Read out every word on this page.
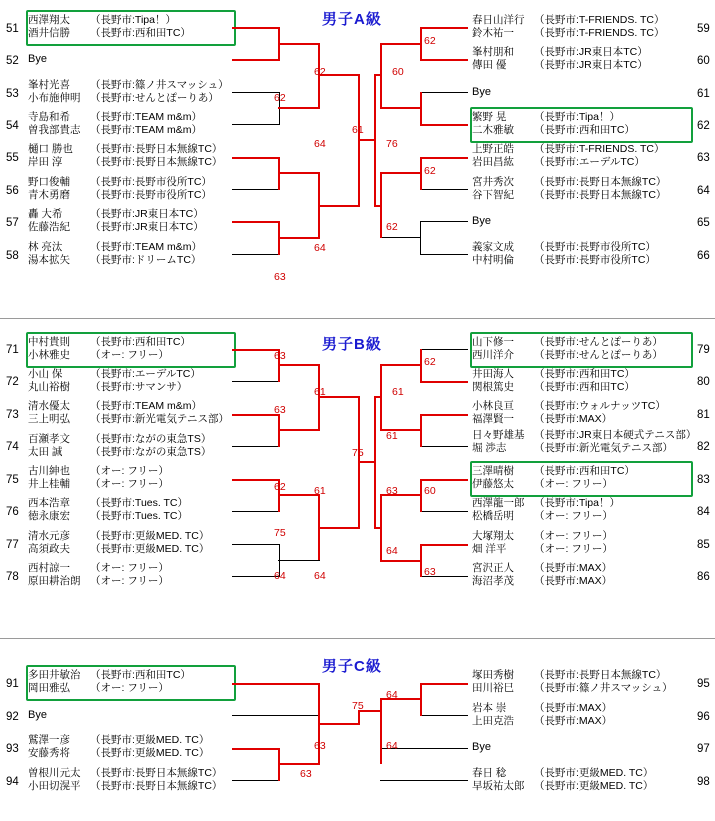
男子A級
51
西澤翔太 （長野市:Tipa！）
酒井信勝 （長野市:西和田TC）
52 Bye
53
峯村光喜 （長野市:篠ノ井スマッシュ）
小布施伸明 （長野市:せんとぽーりあ）
54
寺島和希 （長野市:TEAM m&m）
曽我部貴志 （長野市:TEAM m&m）
55
樋口 勝也 （長野市:長野日本無線TC）
岸田 淳	（長野市:長野日本無線TC）
56
野口俊輔 （長野市:長野市役所TC）
青木勇磨 （長野市:長野市役所TC）
57
轟 大希	（長野市:JR東日本TC）
佐藤浩紀 （長野市:JR東日本TC）
58
林 亮汰	（長野市:TEAM m&m）
湯本拡矢 （長野市:ドリームTC）
59
春日山洋行 （長野市:T-FRIENDS. TC）
鈴木祐一 （長野市:T-FRIENDS. TC）
60
峯村朋和 （長野市:JR東日本TC）
傳田 優	（長野市:JR東日本TC）
61
Bye
62
繁野 晃	（長野市:Tipa！）
二木雅敏 （長野市:西和田TC）
63
上野正皓 （長野市:T-FRIENDS. TC）
岩田昌紘 （長野市:エーデルTC）
64
宮井秀次 （長野市:長野日本無線TC）
谷下智紀 （長野市:長野日本無線TC）
65
Bye
66
義家文成 （長野市:長野市役所TC）
中村明倫 （長野市:長野市役所TC）
62
62
64
63
64
61
60
76
62
62
62
男子B級
71
中村貴則 （長野市:西和田TC）
小林雅史 （オー: フリー）
72
小山 保	（長野市:エーデルTC）
丸山裕樹 （長野市:サマンサ）
73
清水優太 （長野市:TEAM m&m）
三上明弘 （長野市:新光電気テニス部）
74
百瀬孝文 （長野市:ながの東急TS）
太田 誠	（長野市:ながの東急TS）
75
古川紳也 （オー: フリー）
井上桂輔 （オー: フリー）
76
西本浩章 （長野市:Tues. TC）
徳永康宏 （長野市:Tues. TC）
77
清水元彦 （長野市:更級MED. TC）
高須政夫 （長野市:更級MED. TC）
78
西村諒一 （オー: フリー）
原田耕治朗 （オー: フリー）
79
山下修一 （長野市:せんとぽーりあ）
西川洋介 （長野市:せんとぽーりあ）
80
井田海人 （長野市:西和田TC）
関根篤史 （長野市:西和田TC）
81
小林良亘 （長野市:ウォルナッツTC）
福澤賢一 （長野市:MAX）
82
日々野雄基 （長野市:JR東日本硬式テニス部）
堀 渉志	（長野市:新光電気テニス部）
83
三澤晴樹 （長野市:西和田TC）
伊藤悠太 （オー: フリー）
84
西澤龍一郎 （長野市:Tipa！）
松橋岳明 （オー: フリー）
85
大塚翔太 （オー: フリー）
畑 洋平	（オー: フリー）
86
宮沢正人 （長野市:MAX）
海沼孝茂 （長野市:MAX）
63
63
62
64
61
61
75
75
61
62
61
63
64
60
63
64
男子C級
91
多田井敏治 （長野市:西和田TC）
岡田雅弘 （オー: フリー）
92 Bye
93
鷲澤一彦 （長野市:更級MED. TC）
安藤秀将 （長野市:更級MED. TC）
94
曽根川元太 （長野市:長野日本無線TC）
小田切滉平 （長野市:長野日本無線TC）
95
塚田秀樹 （長野市:長野日本無線TC）
田川裕巳 （長野市:篠ノ井スマッシュ）
96
岩本 崇	（長野市:MAX）
上田克浩 （長野市:MAX）
97
Bye
98
春日 稔	（長野市:更級MED. TC）
早坂祐太郎 （長野市:更級MED. TC）
63
63
64
64
75
